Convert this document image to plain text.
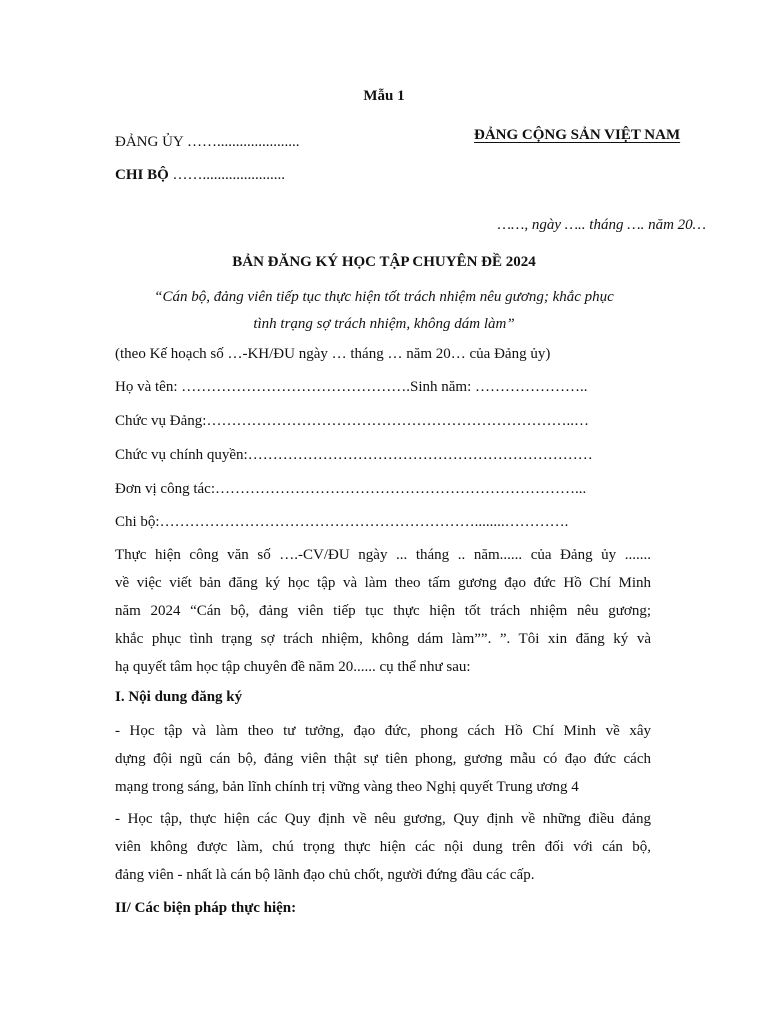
Mẫu 1
ĐẢNG ỦY ……......................
CHI BỘ ……......................
ĐẢNG CỘNG SẢN VIỆT NAM
……, ngày ….. tháng …. năm 20…
BẢN ĐĂNG KÝ HỌC TẬP CHUYÊN ĐỀ 2024
“Cán bộ, đảng viên tiếp tục thực hiện tốt trách nhiệm nêu gương; khắc phục
tình trạng sợ trách nhiệm, không dám làm”
(theo Kế hoạch số …-KH/ĐU ngày … tháng … năm 20… của Đảng ủy)
Họ và tên: ……………………………………….Sinh năm: …………………..
Chức vụ Đảng:………………………………………………………………..…
Chức vụ chính quyền:……………………………………………………………
Đơn vị công tác:………………………………………………………………...
Chi bộ:………………………………………………………........………….
Thực hiện công văn số ….-CV/ĐU ngày ... tháng .. năm...... của Đảng ủy .......
về việc viết bản đăng ký học tập và làm theo tấm gương đạo đức Hồ Chí Minh
năm 2024 “Cán bộ, đảng viên tiếp tục thực hiện tốt trách nhiệm nêu gương;
khắc phục tình trạng sợ trách nhiệm, không dám làm””. ”. Tôi xin đăng ký và
hạ quyết tâm học tập chuyên đề năm 20...... cụ thể như sau:
I. Nội dung đăng ký
- Học tập và làm theo tư tưởng, đạo đức, phong cách Hồ Chí Minh về xây
dựng đội ngũ cán bộ, đảng viên thật sự tiên phong, gương mẫu có đạo đức cách
mạng trong sáng, bản lĩnh chính trị vững vàng theo Nghị quyết Trung ương 4
- Học tập, thực hiện các Quy định về nêu gương, Quy định về những điều đảng
viên không được làm, chú trọng thực hiện các nội dung trên đối với cán bộ,
đảng viên - nhất là cán bộ lãnh đạo chủ chốt, người đứng đầu các cấp.
II/ Các biện pháp thực hiện:
